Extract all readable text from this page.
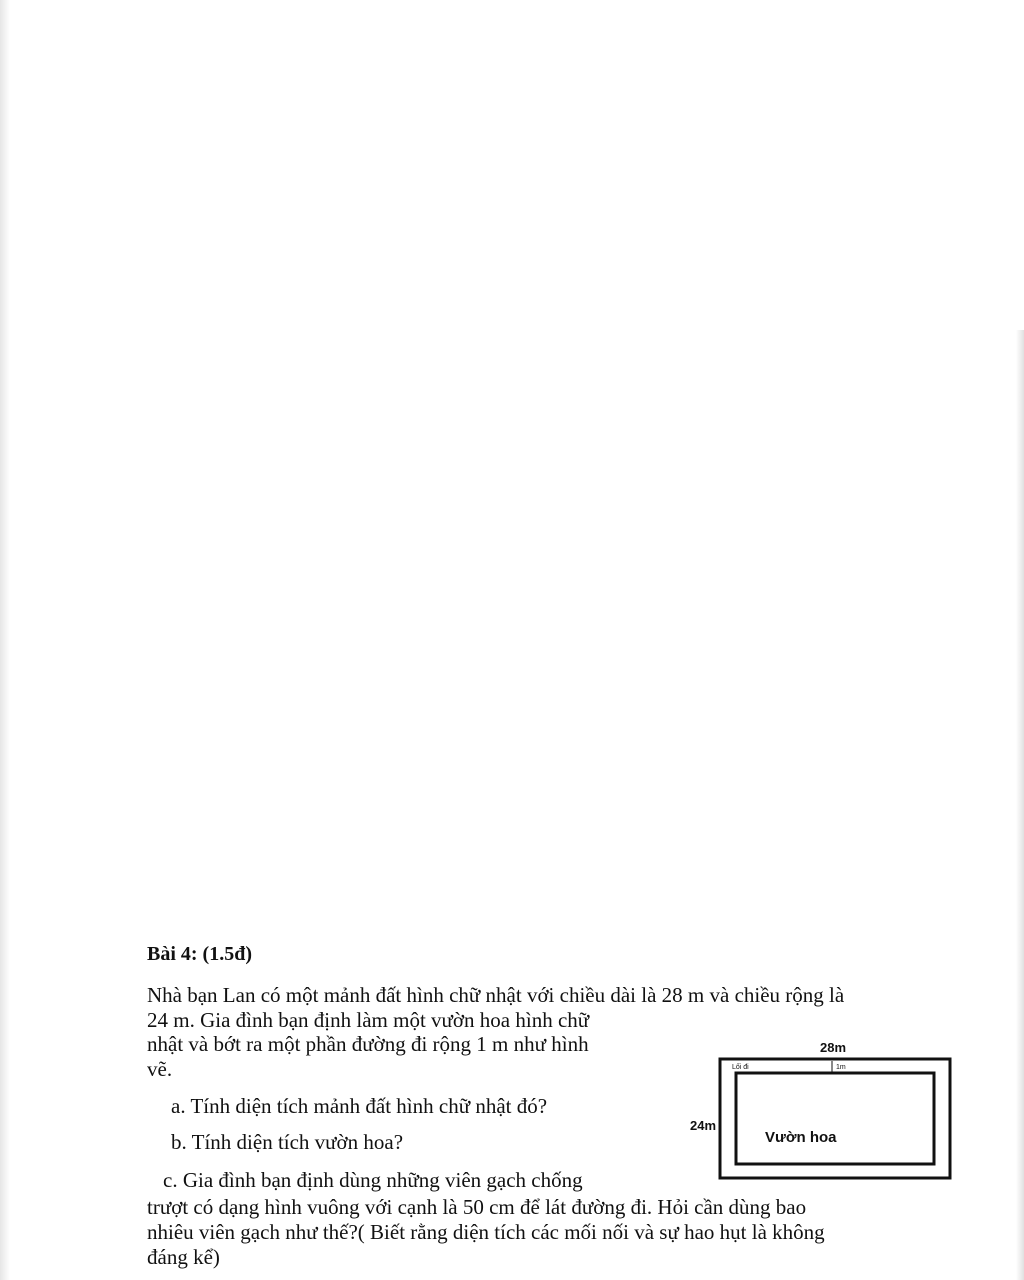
Bài 4: (1.5đ)
Nhà bạn Lan có một mảnh đất hình chữ nhật với chiều dài là 28 m và chiều rộng là
24 m. Gia đình bạn định làm một vườn hoa hình chữ
nhật và bớt ra một phần đường đi rộng 1 m như hình
vẽ.
a. Tính diện tích mảnh đất hình chữ nhật đó?
b. Tính diện tích vườn hoa?
c. Gia đình bạn định dùng những viên gạch chống
trượt có dạng hình vuông với cạnh là 50 cm để lát đường đi. Hỏi cần dùng bao
nhiêu viên gạch như thế?( Biết rằng diện tích các mối nối và sự hao hụt là không
đáng kể)
28m
24m
Lối đi	1m
Vườn hoa
